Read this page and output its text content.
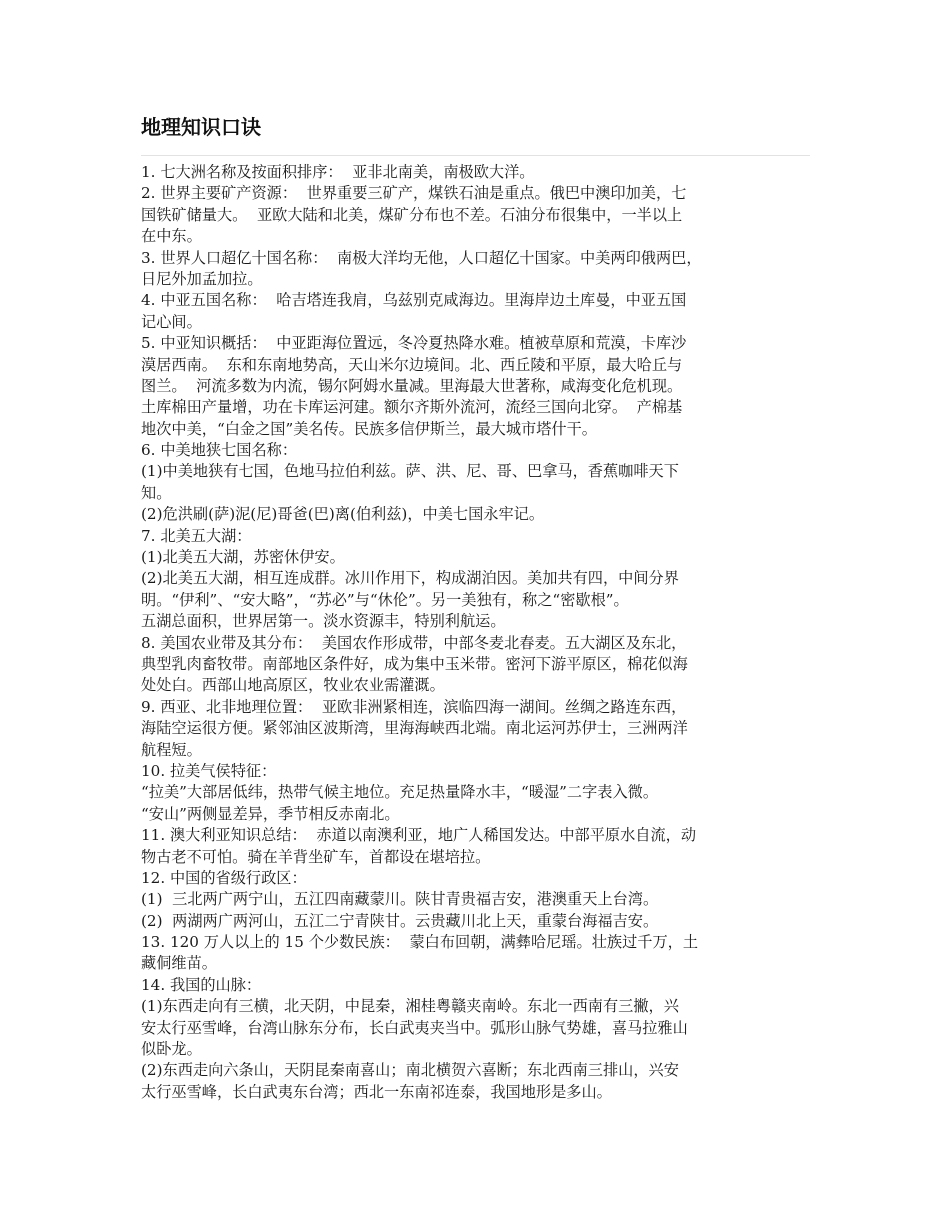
地理知识口诀
1. 七大洲名称及按面积排序：  亚非北南美，南极欧大洋。
2. 世界主要矿产资源：  世界重要三矿产，煤铁石油是重点。俄巴中澳印加美，七
国铁矿储量大。  亚欧大陆和北美，煤矿分布也不差。石油分布很集中，一半以上
在中东。
3. 世界人口超亿十国名称：  南极大洋均无他，人口超亿十国家。中美两印俄两巴，
日尼外加孟加拉。
4. 中亚五国名称：  哈吉塔连我肩，乌兹别克咸海边。里海岸边土库曼，中亚五国
记心间。
5. 中亚知识概括：  中亚距海位置远，冬冷夏热降水难。植被草原和荒漠，卡库沙
漠居西南。  东和东南地势高，天山米尔边境间。北、西丘陵和平原，最大哈丘与
图兰。  河流多数为内流，锡尔阿姆水量减。里海最大世著称，咸海变化危机现。
土库棉田产量增，功在卡库运河建。额尔齐斯外流河，流经三国向北穿。  产棉基
地次中美，“白金之国”美名传。民族多信伊斯兰，最大城市塔什干。
6. 中美地狭七国名称：
(1)中美地狭有七国，色地马拉伯利兹。萨、洪、尼、哥、巴拿马，香蕉咖啡天下
知。
(2)危洪刷(萨)泥(尼)哥爸(巴)离(伯利兹)，中美七国永牢记。
7. 北美五大湖：
(1)北美五大湖，苏密休伊安。
(2)北美五大湖，相互连成群。冰川作用下，构成湖泊因。美加共有四，中间分界
明。“伊利”、“安大略”，“苏必”与“休伦”。另一美独有，称之“密歇根”。
五湖总面积，世界居第一。淡水资源丰，特别利航运。
8. 美国农业带及其分布：  美国农作形成带，中部冬麦北春麦。五大湖区及东北，
典型乳肉畜牧带。南部地区条件好，成为集中玉米带。密河下游平原区，棉花似海
处处白。西部山地高原区，牧业农业需灌溉。
9. 西亚、北非地理位置：  亚欧非洲紧相连，滨临四海一湖间。丝绸之路连东西，
海陆空运很方便。紧邻油区波斯湾，里海海峡西北端。南北运河苏伊士，三洲两洋
航程短。
10. 拉美气侯特征：
“拉美”大部居低纬，热带气候主地位。充足热量降水丰，“暖湿”二字表入微。
“安山”两侧显差异，季节相反赤南北。
11. 澳大利亚知识总结：  赤道以南澳利亚，地广人稀国发达。中部平原水自流，动
物古老不可怕。骑在羊背坐矿车，首都设在堪培拉。
12. 中国的省级行政区：
(1)  三北两广两宁山，五江四南藏蒙川。陕甘青贵福吉安，港澳重天上台湾。
(2)  两湖两广两河山，五江二宁青陕甘。云贵藏川北上天，重蒙台海福吉安。
13. 120 万人以上的 15 个少数民族：  蒙白布回朝，满彝哈尼瑶。壮族过千万，土
藏侗维苗。
14. 我国的山脉：
(1)东西走向有三横，北天阴，中昆秦，湘桂粤赣夹南岭。东北一西南有三撇，兴
安太行巫雪峰，台湾山脉东分布，长白武夷夹当中。弧形山脉气势雄，喜马拉雅山
似卧龙。
(2)东西走向六条山，天阴昆秦南喜山；南北横贺六喜断；东北西南三排山，兴安
太行巫雪峰，长白武夷东台湾；西北一东南祁连泰，我国地形是多山。
